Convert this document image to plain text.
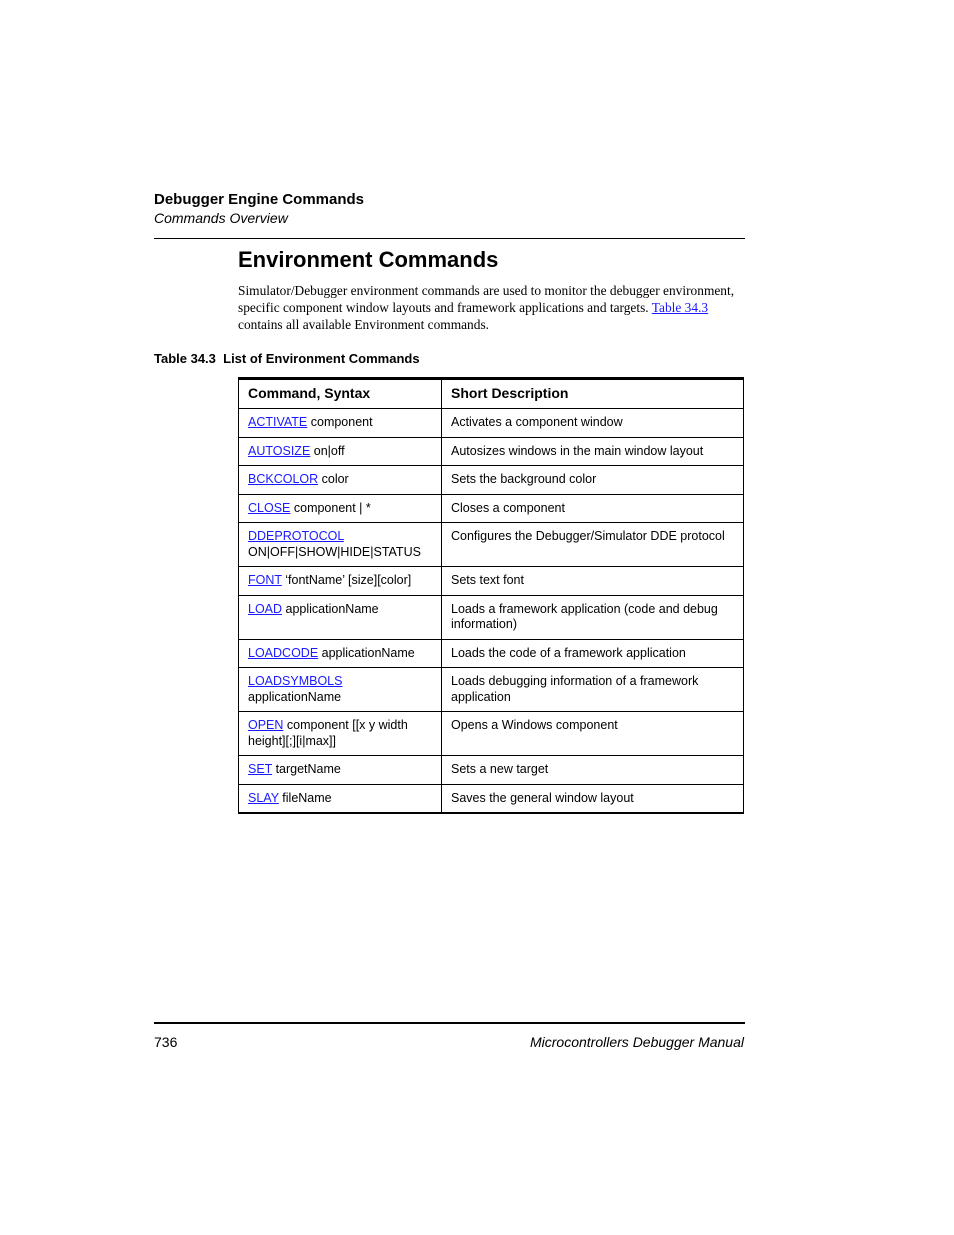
Debugger Engine Commands
Commands Overview
Environment Commands

Simulator/Debugger environment commands are used to monitor the debugger environment, specific component window layouts and framework applications and targets. Table 34.3 contains all available Environment commands.

Table 34.3  List of Environment Commands
Command, Syntax	Short Description
ACTIVATE component	Activates a component window
AUTOSIZE on|off	Autosizes windows in the main window layout
BCKCOLOR color	Sets the background color
CLOSE component | *	Closes a component
DDEPROTOCOL ON|OFF|SHOW|HIDE|STATUS	Configures the Debugger/Simulator DDE protocol
FONT ‘fontName’ [size][color]	Sets text font
LOAD applicationName	Loads a framework application (code and debug information)
LOADCODE applicationName	Loads the code of a framework application
LOADSYMBOLS applicationName	Loads debugging information of a framework application
OPEN component [[x y width height][;][i|max]]	Opens a Windows component
SET targetName	Sets a new target
SLAY fileName	Saves the general window layout
736	Microcontrollers Debugger Manual
